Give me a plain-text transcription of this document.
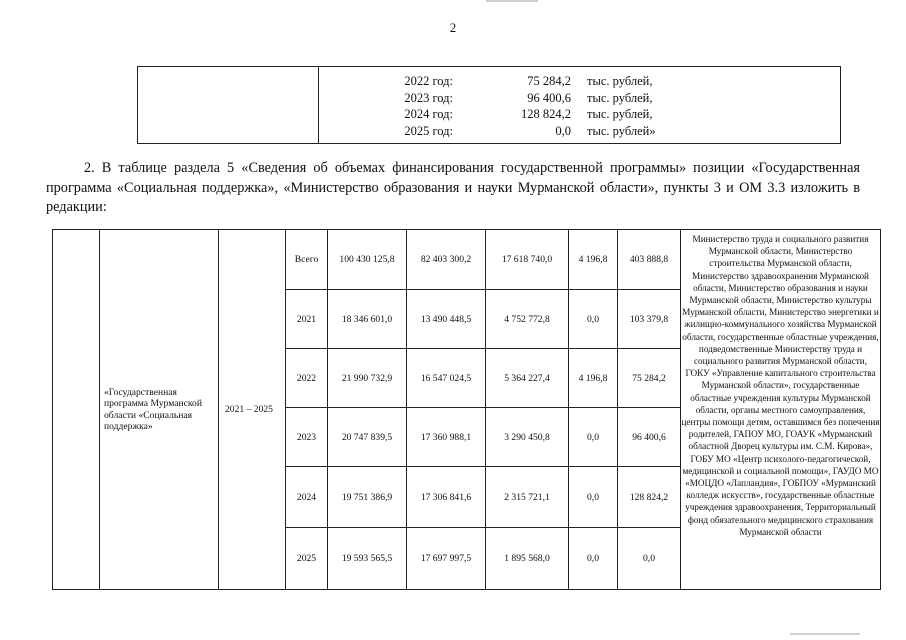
2

2022 год:	75 284,2	тыс. рублей,
2023 год:	96 400,6	тыс. рублей,
2024 год:	128 824,2	тыс. рублей,
2025 год:	0,0	тыс. рублей»
2. В таблице раздела 5 «Сведения об объемах финансирования государственной программы» позиции «Государственная программа «Социальная поддержка», «Министерство образования и науки Мурманской области», пункты 3 и ОМ 3.3 изложить в редакции:
	«Государственная программа Мурманской области «Социальная поддержка»	2021 – 2025	Всего	100 430 125,8	82 403 300,2	17 618 740,0	4 196,8	403 888,8	Министерство труда и социального развития Мурманской области, Министерство строительства Мурманской области, Министерство здравоохранения Мурманской области, Министерство образования и науки Мурманской области, Министерство культуры Мурманской области, Министерство энергетики и жилищно-коммунального хозяйства Мурманской области, государственные областные учреждения, подведомственные Министерству труда и социального развития Мурманской области, ГОКУ «Управление капитального строительства Мурманской области», государственные областные учреждения культуры Мурманской области, органы местного самоуправления, центры помощи детям, оставшимся без попечения родителей, ГАПОУ МО, ГОАУК «Мурманский областной Дворец культуры им. С.М. Кирова», ГОБУ МО «Центр психолого-педагогической, медицинской и социальной помощи», ГАУДО МО «МОЦДО «Лапландия», ГОБПОУ «Мурманский колледж искусств», государственные областные учреждения здравоохранения, Территориальный фонд обязательного медицинского страхования Мурманской области
			2021	18 346 601,0	13 490 448,5	4 752 772,8	0,0	103 379,8	
			2022	21 990 732,9	16 547 024,5	5 364 227,4	4 196,8	75 284,2	
			2023	20 747 839,5	17 360 988,1	3 290 450,8	0,0	96 400,6	
			2024	19 751 386,9	17 306 841,6	2 315 721,1	0,0	128 824,2	
			2025	19 593 565,5	17 697 997,5	1 895 568,0	0,0	0,0	
